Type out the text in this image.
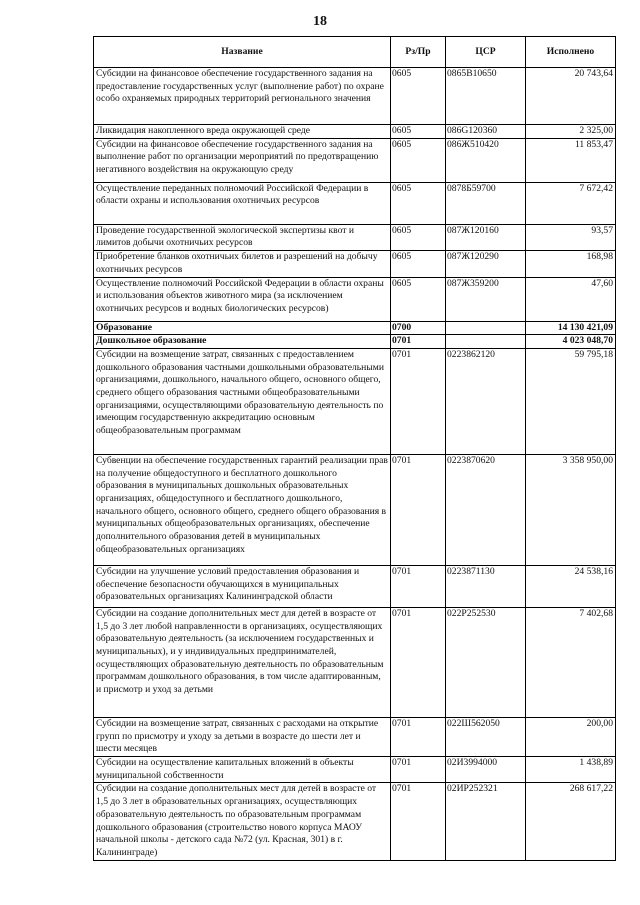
18
Название	Рз/Пр	ЦСР	Исполнено
Субсидии на финансовое обеспечение государственного задания на предоставление государственных услуг (выполнение работ) по охране особо охраняемых природных территорий регионального значения	0605	0865В10650	20 743,64
Ликвидация накопленного вреда окружающей среде	0605	086G120360	2 325,00
Субсидии на финансовое обеспечение государственного задания на выполнение работ по организации мероприятий по предотвращению негативного воздействия на окружающую среду	0605	086Ж510420	11 853,47
Осуществление переданных полномочий Российской Федерации в области охраны и использования охотничьих ресурсов	0605	0878Б59700	7 672,42
Проведение государственной экологической экспертизы квот и лимитов добычи охотничьих ресурсов	0605	087Ж120160	93,57
Приобретение бланков охотничьих билетов и разрешений на добычу охотничьих ресурсов	0605	087Ж120290	168,98
Осуществление полномочий Российской Федерации в области охраны и использования объектов животного мира (за исключением охотничьих ресурсов и водных биологических ресурсов)	0605	087Ж359200	47,60
Образование	0700		14 130 421,09
Дошкольное образование	0701		4 023 048,70
Субсидии на возмещение затрат, связанных с предоставлением дошкольного образования частными дошкольными образовательными организациями, дошкольного, начального общего, основного общего, среднего общего образования частными общеобразовательными организациями, осуществляющими образовательную деятельность по имеющим государственную аккредитацию основным общеобразовательным программам	0701	0223862120	59 795,18
Субвенции на обеспечение государственных гарантий реализации прав на получение общедоступного и бесплатного дошкольного образования в муниципальных дошкольных образовательных организациях, общедоступного и бесплатного дошкольного, начального общего, основного общего, среднего общего образования в муниципальных общеобразовательных организациях, обеспечение дополнительного образования детей в муниципальных общеобразовательных организациях	0701	0223870620	3 358 950,00
Субсидии на улучшение условий предоставления образования и обеспечение безопасности обучающихся в муниципальных образовательных организациях Калининградской области	0701	0223871130	24 538,16
Субсидии на создание дополнительных мест для детей в возрасте от 1,5 до 3 лет любой направленности в организациях, осуществляющих образовательную деятельность (за исключением государственных и муниципальных), и у индивидуальных предпринимателей, осуществляющих образовательную деятельность по образовательным программам дошкольного образования, в том числе адаптированным, и присмотр и уход за детьми	0701	022P252530	7 402,68
Субсидии на возмещение затрат, связанных с расходами на открытие групп по присмотру и уходу за детьми в возрасте до шести лет и шести месяцев	0701	022Ш562050	200,00
Субсидии на осуществление капитальных вложений в объекты муниципальной собственности	0701	02И3994000	1 438,89
Субсидии на создание дополнительных мест для детей в возрасте от 1,5 до 3 лет в образовательных организациях, осуществляющих образовательную деятельность по образовательным программам дошкольного образования (строительство нового корпуса МАОУ начальной школы - детского сада №72 (ул. Красная, 301) в г. Калининграде)	0701	02ИР252321	268 617,22
